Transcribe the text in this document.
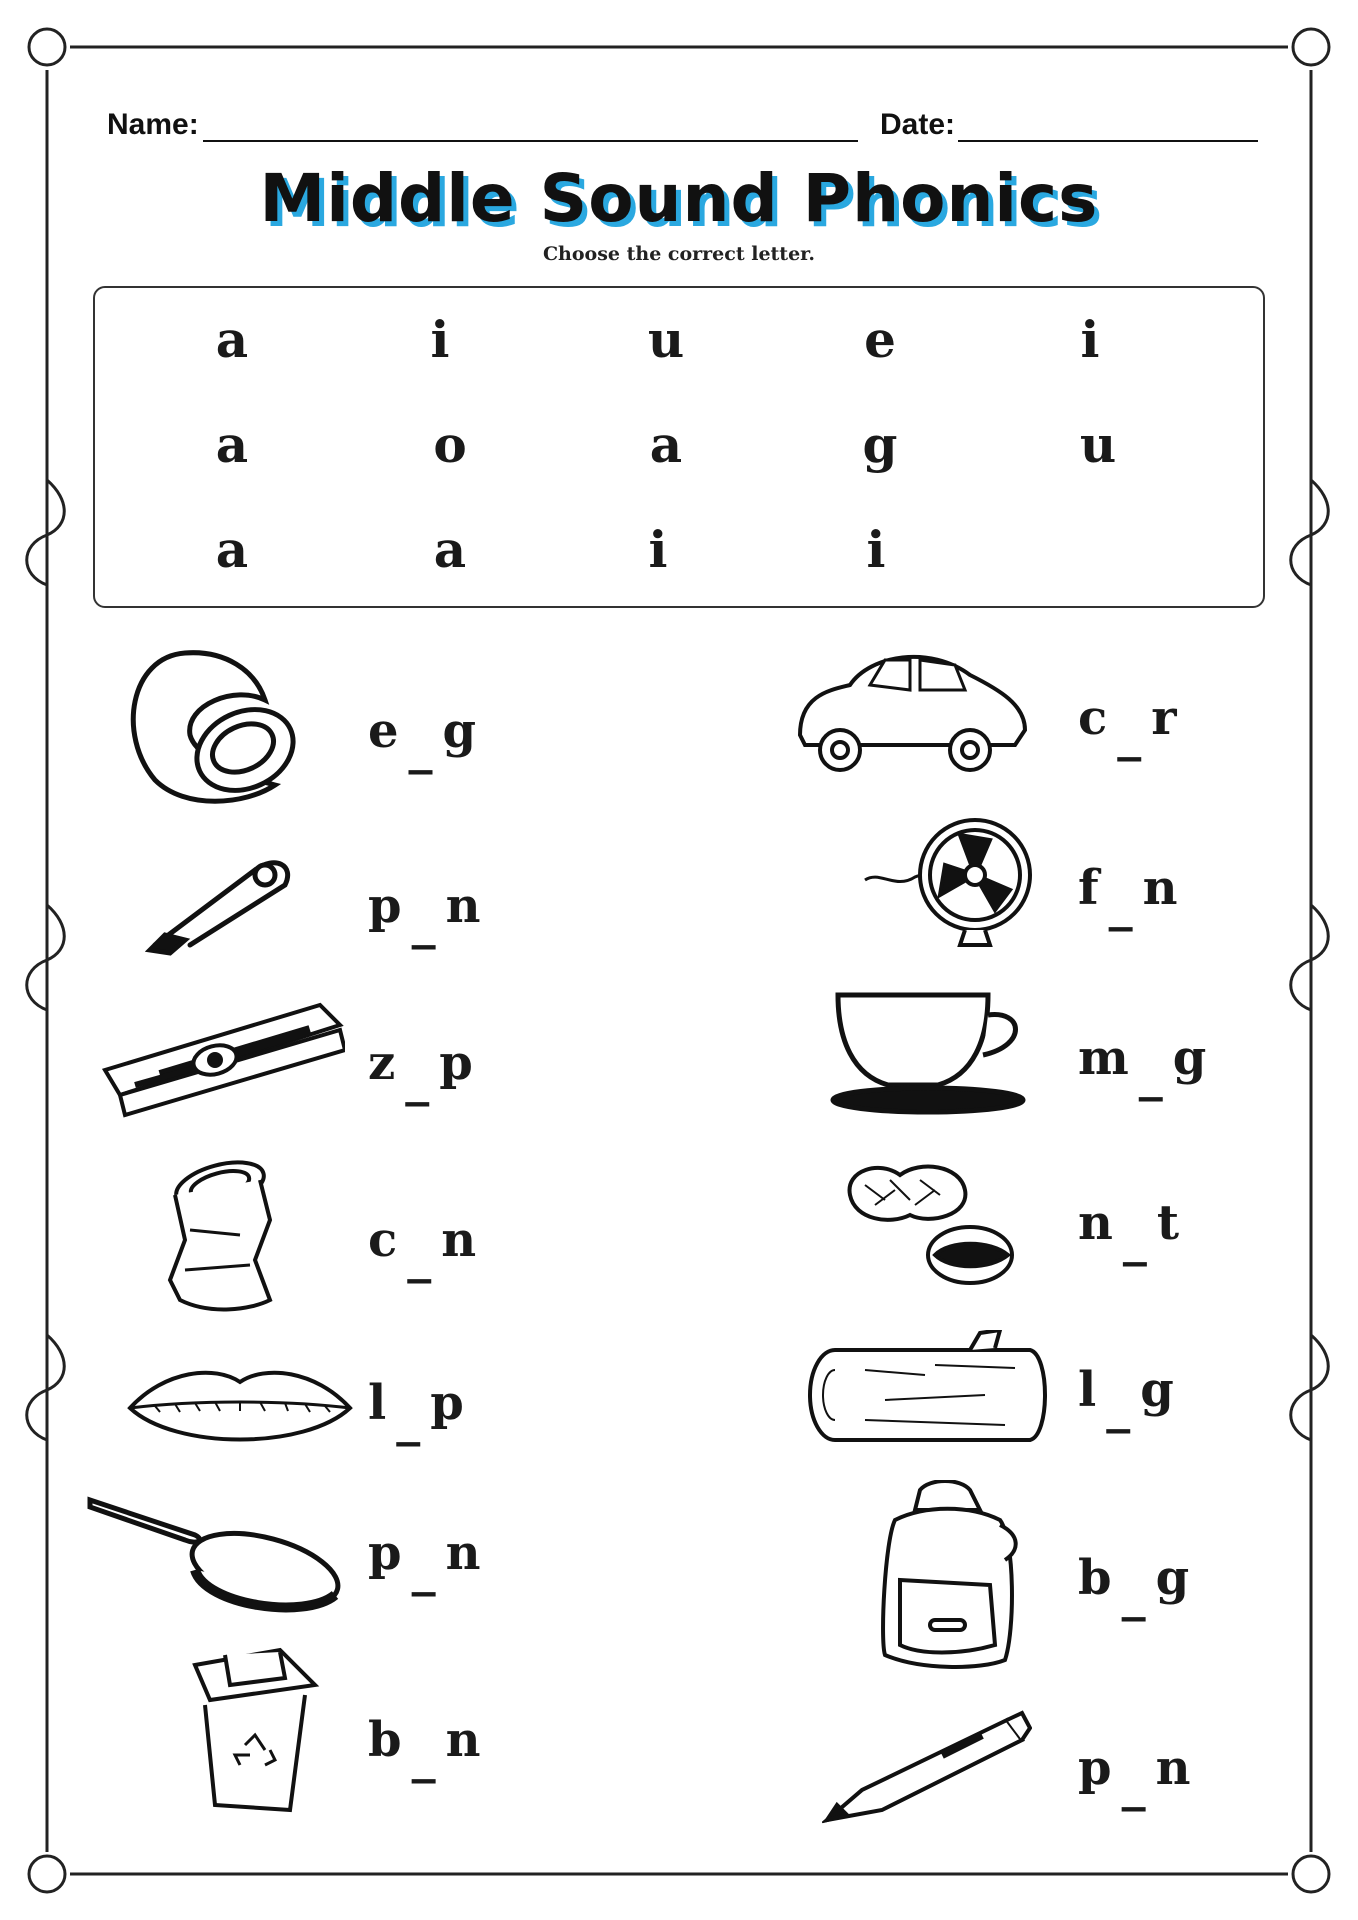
Name:	Date:
Middle Sound Phonics
Choose the correct letter.
a	i	u	e	i
a	o	a	g	u
a	a	i	i
e _ g
p _ n
z _ p
c _ n
l _ p
p _ n
b _ n
c _ r
f _ n
m _ g
n _ t
l _ g
b _ g
p _ n
